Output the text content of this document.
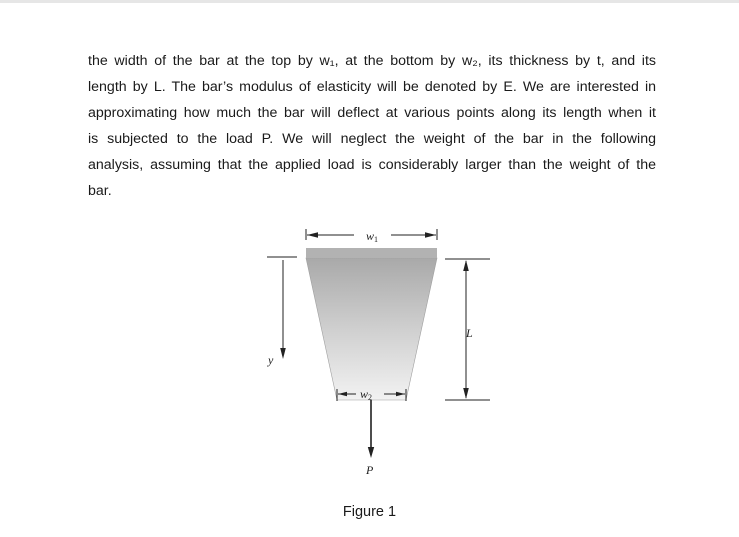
the width of the bar at the top by w₁, at the bottom by w₂, its thickness by t, and its
length by L. The bar’s modulus of elasticity will be denoted by E. We are interested in
approximating how much the bar will deflect at various points along its length when it
is subjected to the load P. We will neglect the weight of the bar in the following
analysis, assuming that the applied load is considerably larger than the weight of the
bar.
w1
y
L
w2
P

Figure 1
